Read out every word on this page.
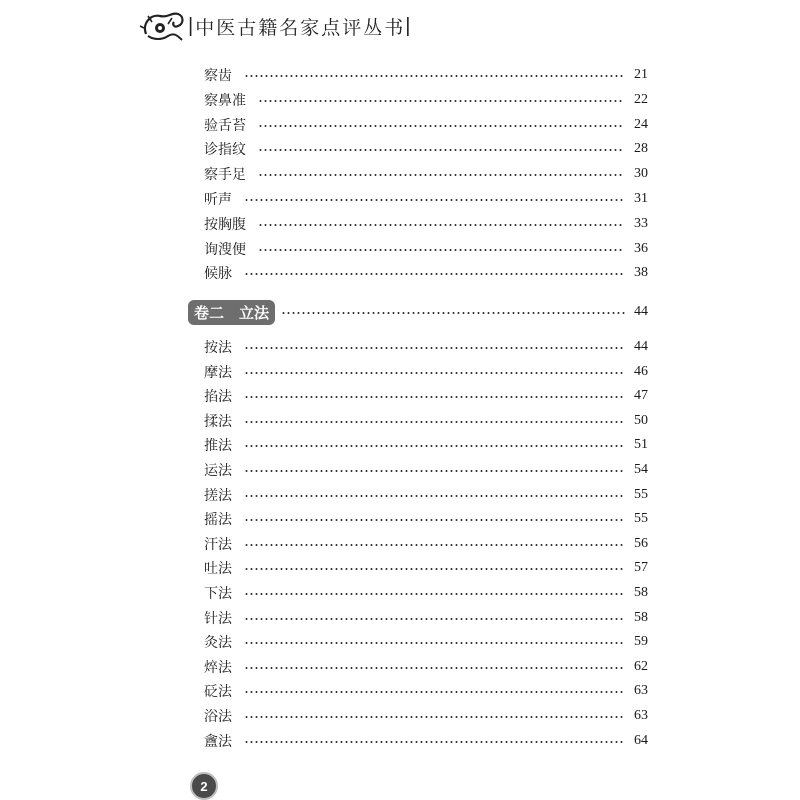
| 中医古籍名家点评丛书 |
察齿	21
察鼻准	22
验舌苔	24
诊指纹	28
察手足	30
听声	31
按胸腹	33
询溲便	36
候脉	38
卷二　立法	44
按法	44
摩法	46
掐法	47
揉法	50
推法	51
运法	54
搓法	55
摇法	55
汗法	56
吐法	57
下法	58
针法	58
灸法	59
焠法	62
砭法	63
浴法	63
盦法	64
2
